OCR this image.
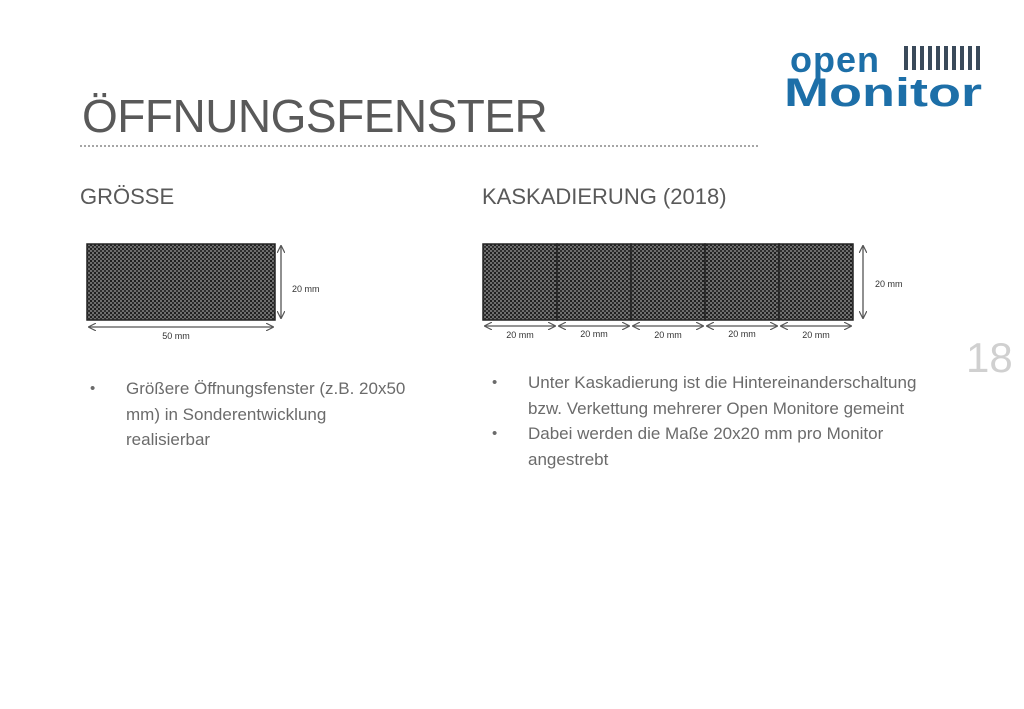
open
Monitor
ÖFFNUNGSFENSTER
18
GRÖSSE	KASKADIERUNG (2018)
20 mm
50 mm	20 mm	20 mm	20 mm	20 mm	20 mm
20 mm
• Größere Öffnungsfenster (z.B. 20x50 mm) in Sonderentwicklung realisierbar
• Unter Kaskadierung ist die Hintereinanderschaltung bzw. Verkettung mehrerer Open Monitore gemeint
• Dabei werden die Maße 20x20 mm pro Monitor angestrebt
